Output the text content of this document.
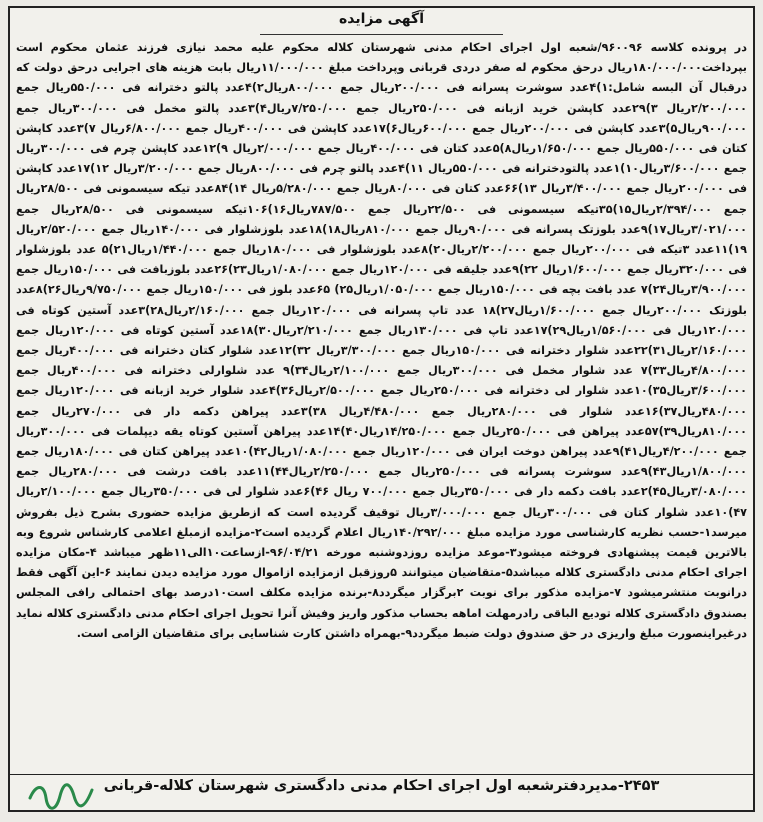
آگهی مزایده

در پرونده کلاسه ۹۶۰۰۹۶/شعبه اول اجرای احکام مدنی شهرستان کلاله محکوم علیه محمد نیازی فرزند عثمان محکوم است بپرداخت۱۸۰/۰۰۰/۰۰۰ریال درحق محکوم له صفر دردی قربانی وپرداخت مبلغ ۱۱/۰۰۰/۰۰۰ریال بابت هزینه های اجرایی درحق دولت که درقبال آن البسه شامل:۱)۴عدد سوشرت پسرانه فی ۲۰۰/۰۰۰ریال جمع ۸۰۰/۰۰۰ریال۲)۴عدد پالتو دخترانه فی ۵۵۰/۰۰۰ریال جمع ۲/۲۰۰/۰۰۰ریال ۳)۲۹عدد کاپشن خرید ازبانه فی ۲۵۰/۰۰۰ریال جمع ۷/۲۵۰/۰۰۰ریال۴)۳عدد پالتو مخمل فی ۳۰۰/۰۰۰ریال جمع ۹۰۰/۰۰۰ریال۵)۳عدد کاپشن فی ۲۰۰/۰۰۰ریال جمع ۶۰۰/۰۰۰ریال۶)۱۷عدد کاپشن فی ۴۰۰/۰۰۰ریال جمع ۶/۸۰۰/۰۰۰ریال ۷)۳عدد کاپشن کتان فی ۵۵۰/۰۰۰ریال جمع ۱/۶۵۰/۰۰۰ریال۸)۵عدد کتان فی ۴۰۰/۰۰۰ریال جمع ۲/۰۰۰/۰۰۰ریال ۹)۱۲عدد کاپشن چرم فی ۳۰۰/۰۰۰ریال جمع ۳/۶۰۰/۰۰۰ریال۱۰)۱عدد پالتودخترانه فی ۵۵۰/۰۰۰ریال ۱۱)۴عدد پالتو چرم فی ۸۰۰/۰۰۰ریال جمع ۳/۲۰۰/۰۰۰ریال ۱۲)۱۷عدد کاپشن فی ۲۰۰/۰۰۰ریال جمع ۳/۴۰۰/۰۰۰ریال ۱۳)۶۶عدد کتان فی ۸۰/۰۰۰ریال جمع ۵/۲۸۰/۰۰۰ریال ۱۴)۸۴عدد تیکه سیسمونی فی ۲۸/۵۰۰ریال جمع ۲/۳۹۴/۰۰۰ریال۱۵)۳۵تیکه سیسمونی فی ۲۲/۵۰۰ریال جمع ۷۸۷/۵۰۰ریال۱۶)۱۰۶تیکه سیسمونی فی ۲۸/۵۰۰ریال جمع ۳/۰۲۱/۰۰۰ریال۱۷)۹عدد بلوزتک پسرانه فی ۹۰/۰۰۰ریال جمع ۸۱۰/۰۰۰ریال۱۸)۱۸عدد بلوزشلوار فی ۱۴۰/۰۰۰ریال جمع ۲/۵۲۰/۰۰۰ریال ۱۹)۱۱عدد ۳تیکه فی ۲۰۰/۰۰۰ریال جمع ۲/۲۰۰/۰۰۰ریال۲۰)۸عدد بلوزشلوار فی ۱۸۰/۰۰۰ریال جمع ۱/۴۴۰/۰۰۰ریال۲۱)۵ عدد بلوزشلوار فی ۳۲۰/۰۰۰ریال جمع ۱/۶۰۰/۰۰۰ریال ۲۲)۹عدد جلیقه فی ۱۲۰/۰۰۰ریال جمع ۱/۰۸۰/۰۰۰ریال۲۳)۲۶عدد بلوزبافت فی ۱۵۰/۰۰۰ریال جمع ۳/۹۰۰/۰۰۰ریال۲۴)۷ عدد بافت بچه فی ۱۵۰/۰۰۰ریال جمع ۱/۰۵۰/۰۰۰ریال۲۵) ۶۵عدد بلوز فی ۱۵۰/۰۰۰ریال جمع ۹/۷۵۰/۰۰۰ریال۲۶)۸عدد بلوزتک ۲۰۰/۰۰۰ریال جمع ۱/۶۰۰/۰۰۰ریال۲۷)۱۸ عدد تاپ پسرانه فی ۱۲۰/۰۰۰ریال جمع ۲/۱۶۰/۰۰۰ریال۲۸)۳عدد آستین کوتاه فی ۱۲۰/۰۰۰ریال فی ۱/۵۶۰/۰۰۰ریال۲۹)۱۷عدد تاپ فی ۱۳۰/۰۰۰ریال جمع ۲/۲۱۰/۰۰۰ریال۳۰)۱۸عدد آستین کوتاه فی ۱۲۰/۰۰۰ریال جمع ۲/۱۶۰/۰۰۰ریال۳۱)۲۲عدد شلوار دخترانه فی ۱۵۰/۰۰۰ریال جمع ۳/۳۰۰/۰۰۰ریال ۳۲)۱۲عدد شلوار کتان دخترانه فی ۴۰۰/۰۰۰ریال جمع ۴/۸۰۰/۰۰۰ریال۳۳)۷ عدد شلوار مخمل فی ۳۰۰/۰۰۰ریال جمع ۲/۱۰۰/۰۰۰ریال۳۴)۹ عدد شلوارلی دخترانه فی ۴۰۰/۰۰۰ریال جمع ۳/۶۰۰/۰۰۰ریال۳۵)۱۰عدد شلوار لی دخترانه فی ۲۵۰/۰۰۰ریال جمع ۲/۵۰۰/۰۰۰ریال۳۶)۴عدد شلوار خرید ازبانه فی ۱۲۰/۰۰۰ریال جمع ۴۸۰/۰۰۰ریال۳۷)۱۶عدد شلوار فی ۲۸۰/۰۰۰ریال جمع ۴/۴۸۰/۰۰۰ریال ۳۸)۳عدد پیراهن دکمه دار فی ۲۷۰/۰۰۰ریال جمع ۸۱۰/۰۰۰ریال۳۹)۵۷عدد پیراهن فی ۲۵۰/۰۰۰ریال جمع ۱۴/۲۵۰/۰۰۰ریال۴۰)۱۴عدد پیراهن آستین کوتاه یقه دیپلمات فی ۳۰۰/۰۰۰ریال جمع ۴/۲۰۰/۰۰۰ریال۴۱)۹عدد پیراهن دوخت ایران فی ۱۲۰/۰۰۰ریال جمع ۱/۰۸۰/۰۰۰ریال۴۲)۱۰عدد پیراهن کتان فی ۱۸۰/۰۰۰ریال جمع ۱/۸۰۰/۰۰۰ریال۴۳)۹عدد سوشرت پسرانه فی ۲۵۰/۰۰۰ریال جمع ۲/۲۵۰/۰۰۰ریال۴۴)۱۱عدد بافت درشت فی ۲۸۰/۰۰۰ریال جمع ۳/۰۸۰/۰۰۰ریال۴۵)۲عدد بافت دکمه دار فی ۳۵۰/۰۰۰ریال جمع ۷۰۰/۰۰۰ ریال ۴۶)۶عدد شلوار لی فی ۳۵۰/۰۰۰ریال جمع ۲/۱۰۰/۰۰۰ریال ۴۷)۱۰عدد شلوار کتان فی ۳۰۰/۰۰۰ریال جمع ۳/۰۰۰/۰۰۰ریال توقیف گردیده است که ازطریق مزایده حضوری بشرح ذیل بفروش میرسد۱-حسب نظریه کارشناسی مورد مزایده مبلغ ۱۴۰/۲۹۲/۰۰۰ریال اعلام گردیده است۲-مزایده ازمبلغ اعلامی کارشناس شروع وبه بالاترین قیمت پیشنهادی فروخته میشود۳-موعد مزایده روزدوشنبه مورخه ۹۶/۰۴/۲۱-ازساعت۱۰الی۱۱ظهر میباشد ۴-مکان مزایده اجرای احکام مدنی دادگستری کلاله میباشد۵-متقاضیان میتوانند ۵روزقبل ازمزایده ازاموال مورد مزایده دیدن نمایند ۶-این آگهی فقط درانوبت منتشرمیشود ۷-مزایده مذکور برای نوبت ۲برگزار میگردد۸-برنده مزایده مکلف است۱۰درصد بهای احتمالی رافی المجلس بصندوق دادگستری کلاله تودیع الباقی رادرمهلت اماهه بحساب مذکور واریز وفیش آنرا تحویل اجرای احکام مدنی دادگستری کلاله نماید درغیراینصورت مبلغ واریزی در حق صندوق دولت ضبط میگردد۹-بهمراه داشتن کارت شناسایی برای متقاضیان الزامی است.

۲۴۵۳-مدیردفترشعبه اول اجرای احکام مدنی دادگستری شهرستان کلاله-قربانی
